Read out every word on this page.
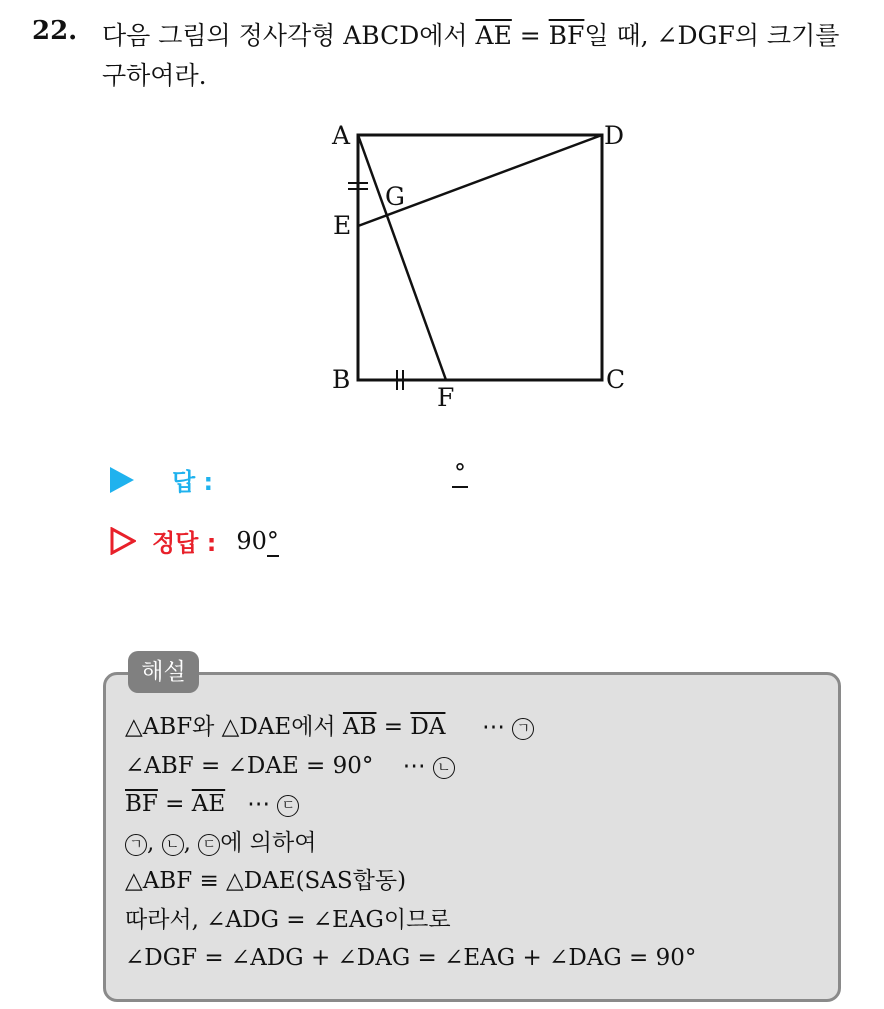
22. 다음 그림의 정사각형 ABCD에서 $\overline{AE} = \overline{BF}$일 때, ∠DGF의 크기를
구하여라.
A	D
G
E
B	C
F
답 :	°
정답 : 90°
해설
△ABF와 △DAE에서 $\overline{AB} = \overline{DA}$     ⋯ ㄱ
∠ABF = ∠DAE = 90°    ⋯ ㄴ
$\overline{BF} = \overline{AE}$   ⋯ ㄷ
ㄱ , ㄴ , ㄷ 에 의하여
△ABF ≡ △DAE(SAS합동)
따라서, ∠ADG = ∠EAG이므로
∠DGF = ∠ADG + ∠DAG = ∠EAG + ∠DAG = 90°
